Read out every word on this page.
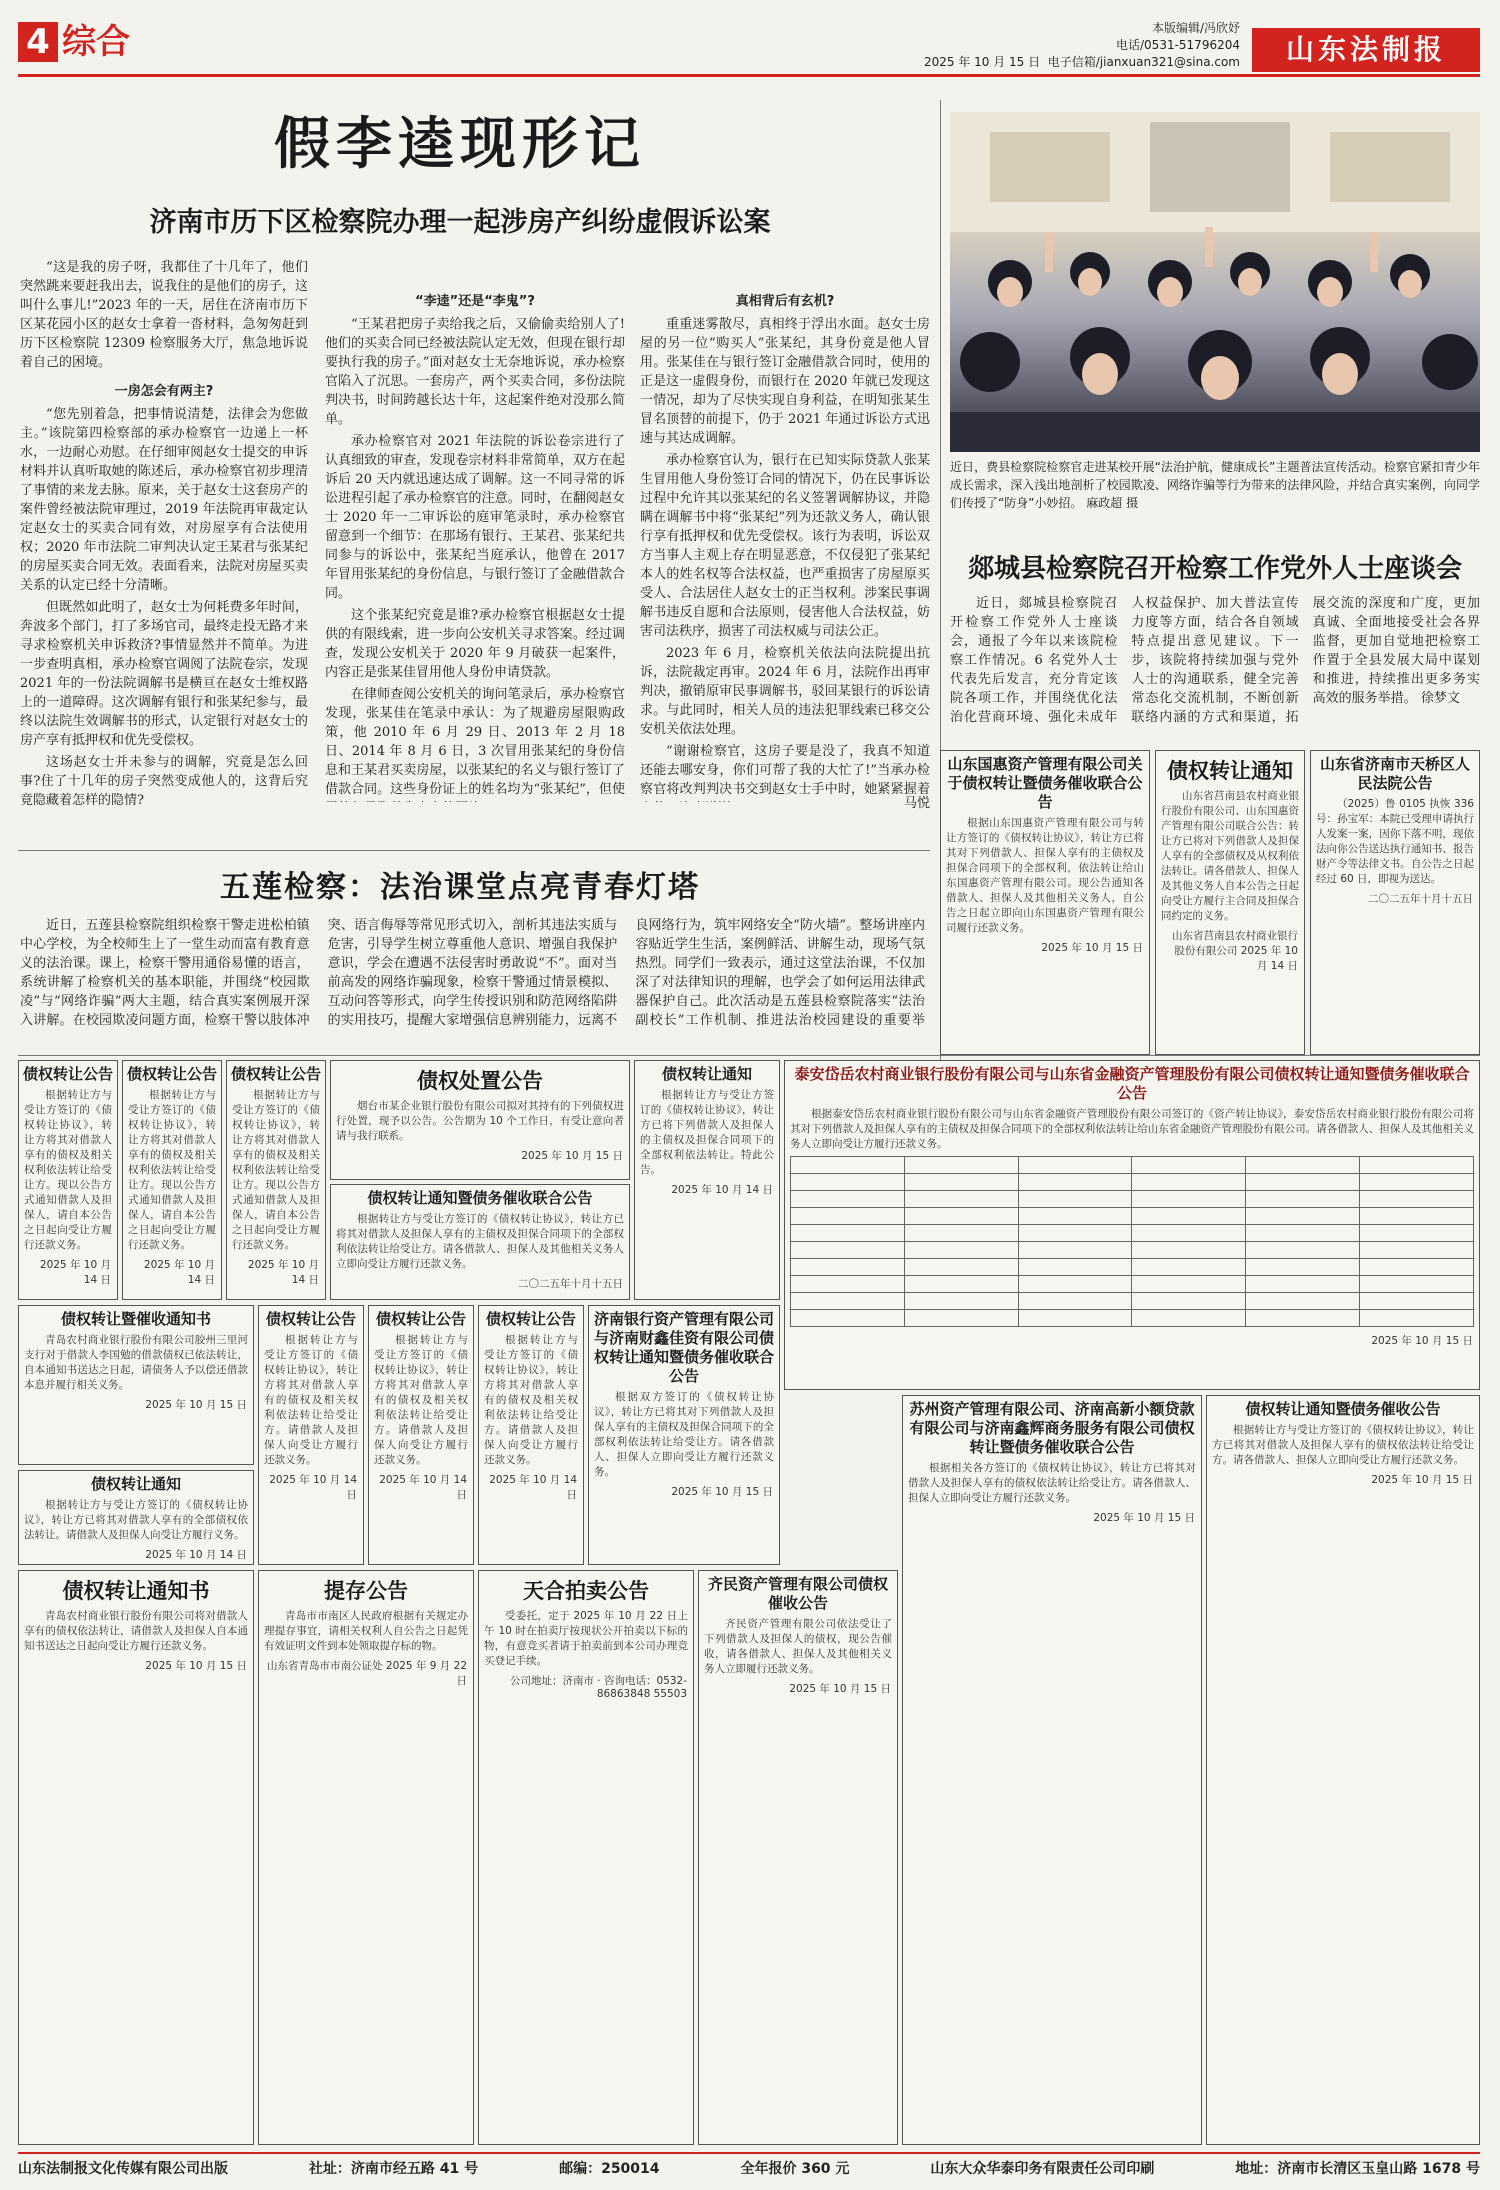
4 综合	本版编辑/冯欣妤
电话/0531-51796204
2025 年 10 月 15 日 电子信箱/jianxuan321@sina.com	山东法制报
假李逵现形记
济南市历下区检察院办理一起涉房产纠纷虚假诉讼案

“这是我的房子呀，我都住了十几年了，他们突然跳来要赶我出去，说我住的是他们的房子，这叫什么事儿!”2023 年的一天，居住在济南市历下区某花园小区的赵女士拿着一沓材料，急匆匆赶到历下区检察院 12309 检察服务大厅，焦急地诉说着自己的困境。

一房怎会有两主?

“您先别着急，把事情说清楚，法律会为您做主。”该院第四检察部的承办检察官一边递上一杯水，一边耐心劝慰。在仔细审阅赵女士提交的申诉材料并认真听取她的陈述后，承办检察官初步理清了事情的来龙去脉。原来，关于赵女士这套房产的案件曾经被法院审理过，2019 年法院再审裁定认定赵女士的买卖合同有效，对房屋享有合法使用权；2020 年市法院二审判决认定王某君与张某纪的房屋买卖合同无效。表面看来，法院对房屋买卖关系的认定已经十分清晰。

但既然如此明了，赵女士为何耗费多年时间，奔波多个部门，打了多场官司，最终走投无路才来寻求检察机关申诉救济?事情显然并不简单。为进一步查明真相，承办检察官调阅了法院卷宗，发现 2021 年的一份法院调解书是横亘在赵女士维权路上的一道障碍。这次调解有银行和张某纪参与，最终以法院生效调解书的形式，认定银行对赵女士的房产享有抵押权和优先受偿权。

这场赵女士并未参与的调解，究竟是怎么回事?住了十几年的房子突然变成他人的，这背后究竟隐藏着怎样的隐情?

“李逵”还是“李鬼”?

“王某君把房子卖给我之后，又偷偷卖给别人了!他们的买卖合同已经被法院认定无效，但现在银行却要执行我的房子。”面对赵女士无奈地诉说，承办检察官陷入了沉思。一套房产，两个买卖合同，多份法院判决书，时间跨越长达十年，这起案件绝对没那么简单。

承办检察官对 2021 年法院的诉讼卷宗进行了认真细致的审查，发现卷宗材料非常简单，双方在起诉后 20 天内就迅速达成了调解。这一不同寻常的诉讼进程引起了承办检察官的注意。同时，在翻阅赵女士 2020 年一二审诉讼的庭审笔录时，承办检察官留意到一个细节：在那场有银行、王某君、张某纪共同参与的诉讼中，张某纪当庭承认，他曾在 2017 年冒用张某纪的身份信息，与银行签订了金融借款合同。

这个张某纪究竟是谁?承办检察官根据赵女士提供的有限线索，进一步向公安机关寻求答案。经过调查，发现公安机关于 2020 年 9 月破获一起案件，内容正是张某佳冒用他人身份申请贷款。

在律师查阅公安机关的询问笔录后，承办检察官发现，张某佳在笔录中承认：为了规避房屋限购政策，他 2010 年 6 月 29 日、2013 年 2 月 18 日、2014 年 8 月 6 日，3 次冒用张某纪的身份信息和王某君买卖房屋，以张某纪的名义与银行签订了借款合同。这些身份证上的姓名均为“张某纪”，但使

真相背后有玄机?

重重迷雾散尽，真相终于浮出水面。赵女士房屋的另一位“购买人”张某纪，其身份竟是他人冒用。张某佳在与银行签订金融借款合同时，使用的正是这一虚假身份，而银行在 2020 年就已发现这一情况，却为了尽快实现自身利益，在明知张某生冒名顶替的前提下，仍于 2021 年通过诉讼方式迅速与其达成调解。

承办检察官认为，银行在已知实际贷款人张某生冒用他人身份签订合同的情况下，仍在民事诉讼过程中允许其以张某纪的名义签署调解协议，并隐瞒在调解书中将“张某纪”列为还款义务人，确认银行享有抵押权和优先受偿权。该行为表明，诉讼双方当事人主观上存在明显恶意，不仅侵犯了张某纪本人的姓名权等合法权益，也严重损害了房屋原买受人、合法居住人赵女士的正当权利。涉案民事调解书违反自愿和合法原则，侵害他人合法权益，妨害司法秩序，损害了司法权威与司法公正。

2023 年 6 月，检察机关依法向法院提出抗诉，法院裁定再审。2024 年 6 月，法院作出再审判决，撤销原审民事调解书，驳回某银行的诉讼请求。与此同时，相关人员的违法犯罪线索已移交公安机关依法处理。

“谢谢检察官，这房子要是没了，我真不知道还能去哪安身，你们可帮了我的大忙了!”当承办检察官将改判判决书交到赵女士手中时，她紧紧握着

马悦
近日，费县检察院检察官走进某校开展“法治护航，健康成长”主题普法宣传活动。检察官紧扣青少年成长需求，深入浅出地剖析了校园欺凌、网络诈骗等行为带来的法律风险，并结合真实案例，向同学们传授了“防身”小妙招。 麻政超 摄
郯城县检察院召开检察工作党外人士座谈会

近日，郯城县检察院召开检察工作党外人士座谈会，通报了今年以来该院检察工作情况。6 名党外人士代表先后发言，充分肯定该院各项工作，并围绕优化法治化营商环境、强化未成年人权益保护、加大普法宣传力度等方面，结合各自领域特点提出意见建议。下一步，该院将持续加强与党外人士的沟通联系，健全完善常态化交流机制，不断创新联络内涵的方式和渠道，拓展交流的深度和广度，更加真诚、全面地接受社会各界监督，更加自觉地把检察工作置于全县发展大局中谋划和推进，持续推出更多务实高效的服务举措。 徐梦文

五莲检察：法治课堂点亮青春灯塔

近日，五莲县检察院组织检察干警走进松柏镇中心学校，为全校师生上了一堂生动而富有教育意义的法治课。课上，检察干警用通俗易懂的语言，系统讲解了检察机关的基本职能，并围绕“校园欺凌”与“网络诈骗”两大主题，结合真实案例展开深入讲解。在校园欺凌问题方面，检察干警以肢体冲突、语言侮辱等常见形式切入，剖析其违法实质与危害，引导学生树立尊重他人意识、增强自我保护意识，学会在遭遇不法侵害时勇敢说“不”。面对当前高发的网络诈骗现象，检察干警通过情景模拟、互动问答等形式，向学生传授识别和防范网络陷阱的实用技巧，提醒大家增强信息辨别能力，远离不良网络行为，筑牢网络安全“防火墙”。整场讲座内容贴近学生生活，案例鲜活、讲解生动，现场气氛热烈。同学们一致表示，通过这堂法治课，不仅加深了对法律知识的理解，也学会了如何运用法律武器保护自己。此次活动是五莲县检察院落实“法治副校长”工作机制、推进法治校园建设的重要举

山东国惠资产管理有限公司关于债权转让暨债务催收联合公告

根据山东国惠资产管理有限公司与转让方签订的《债权转让协议》，转让方已将其对下列借款人、担保人享有的主债权及担保合同项下的全部权利，依法转让给山东国惠资产管理有限公司。现公告通知各借款人、担保人及其他相关义务人，自公告之日起立即向山东国惠资产管理有限公司履行还款义务。

2025 年 10 月 15 日
债权转让通知

山东省莒南县农村商业银行股份有限公司、山东国惠资产管理有限公司联合公告：转让方已将对下列借款人及担保人享有的全部债权及从权利依法转让。请各借款人、担保人及其他义务人自本公告之日起向受让方履行主合同及担保合同约定的义务。

山东省莒南县农村商业银行股份有限公司 2025 年 10 月 14 日
山东省济南市天桥区人民法院公告

（2025）鲁 0105 执恢 336 号：孙宝军：本院已受理申请执行人发案一案，因你下落不明，现依法向你公告送达执行通知书、报告财产令等法律文书。自公告之日起经过 60 日，即视为送达。

二〇二五年十月十五日
债权转让公告

根据转让方与受让方签订的《债权转让协议》，转让方将其对借款人享有的债权及相关权利依法转让给受让方。现以公告方式通知借款人及担保人，请自本公告之日起向受让方履行还款义务。

2025 年 10 月 14 日
债权转让公告

根据转让方与受让方签订的《债权转让协议》，转让方将其对借款人享有的债权及相关权利依法转让给受让方。现以公告方式通知借款人及担保人，请自本公告之日起向受让方履行还款义务。

2025 年 10 月 14 日
债权转让公告

根据转让方与受让方签订的《债权转让协议》，转让方将其对借款人享有的债权及相关权利依法转让给受让方。现以公告方式通知借款人及担保人，请自本公告之日起向受让方履行还款义务。

2025 年 10 月 14 日
债权处置公告

烟台市某企业银行股份有限公司拟对其持有的下列债权进行处置，现予以公告。公告期为 10 个工作日，有受让意向者请与我行联系。

2025 年 10 月 15 日
债权转让通知暨债务催收联合公告

根据转让方与受让方签订的《债权转让协议》，转让方已将其对借款人及担保人享有的主债权及担保合同项下的全部权利依法转让给受让方。请各借款人、担保人及其他相关义务人立即向受让方履行还款义务。

二〇二五年十月十五日
债权转让通知

根据转让方与受让方签订的《债权转让协议》，转让方已将下列借款人及担保人的主债权及担保合同项下的全部权利依法转让。特此公告。

2025 年 10 月 14 日
泰安岱岳农村商业银行股份有限公司与山东省金融资产管理股份有限公司债权转让通知暨债务催收联合公告

根据泰安岱岳农村商业银行股份有限公司与山东省金融资产管理股份有限公司签订的《资产转让协议》，泰安岱岳农村商业银行股份有限公司将其对下列借款人及担保人享有的主债权及担保合同项下的全部权利依法转让给山东省金融资产管理股份有限公司。请各借款人、担保人及其他相关义务人立即向受让方履行还款义务。

2025 年 10 月 15 日
债权转让暨催收通知书

青岛农村商业银行股份有限公司胶州三里河支行对于借款人李国勉的借款债权已依法转让，自本通知书送达之日起，请债务人予以偿还借款本息并履行相关义务。

2025 年 10 月 15 日
债权转让公告

根据转让方与受让方签订的《债权转让协议》，转让方将其对借款人享有的债权及相关权利依法转让给受让方。请借款人及担保人向受让方履行还款义务。

2025 年 10 月 14 日
债权转让公告

根据转让方与受让方签订的《债权转让协议》，转让方将其对借款人享有的债权及相关权利依法转让给受让方。请借款人及担保人向受让方履行还款义务。

2025 年 10 月 14 日
债权转让公告

根据转让方与受让方签订的《债权转让协议》，转让方将其对借款人享有的债权及相关权利依法转让给受让方。请借款人及担保人向受让方履行还款义务。

2025 年 10 月 14 日
济南银行资产管理有限公司与济南财鑫佳资有限公司债权转让通知暨债务催收联合公告

根据双方签订的《债权转让协议》，转让方已将其对下列借款人及担保人享有的主债权及担保合同项下的全部权利依法转让给受让方。请各借款人、担保人立即向受让方履行还款义务。

2025 年 10 月 15 日
债权转让通知

根据转让方与受让方签订的《债权转让协议》，转让方已将其对借款人享有的全部债权依法转让。请借款人及担保人向受让方履行义务。

2025 年 10 月 14 日
债权转让通知书

青岛农村商业银行股份有限公司将对借款人享有的债权依法转让，请借款人及担保人自本通知书送达之日起向受让方履行还款义务。

2025 年 10 月 15 日
提存公告

青岛市市南区人民政府根据有关规定办理提存事宜，请相关权利人自公告之日起凭有效证明文件到本处领取提存标的物。

山东省青岛市市南公证处 2025 年 9 月 22 日
天合拍卖公告

受委托，定于 2025 年 10 月 22 日上午 10 时在拍卖厅按现状公开拍卖以下标的物，有意竞买者请于拍卖前到本公司办理竞买登记手续。

公司地址：济南市 · 咨询电话：0532-86863848 55503
齐民资产管理有限公司债权催收公告

齐民资产管理有限公司依法受让了下列借款人及担保人的债权，现公告催收，请各借款人、担保人及其他相关义务人立即履行还款义务。

2025 年 10 月 15 日
苏州资产管理有限公司、济南高新小额贷款有限公司与济南鑫辉商务服务有限公司债权转让暨债务催收联合公告

根据相关各方签订的《债权转让协议》，转让方已将其对借款人及担保人享有的债权依法转让给受让方。请各借款人、担保人立即向受让方履行还款义务。

2025 年 10 月 15 日
债权转让通知暨债务催收公告

根据转让方与受让方签订的《债权转让协议》，转让方已将其对借款人及担保人享有的债权依法转让给受让方。请各借款人、担保人立即向受让方履行还款义务。

2025 年 10 月 15 日
山东法制报文化传媒有限公司出版	社址：济南市经五路 41 号	邮编：250014	全年报价 360 元	山东大众华泰印务有限责任公司印刷	地址：济南市长清区玉皇山路 1678 号
